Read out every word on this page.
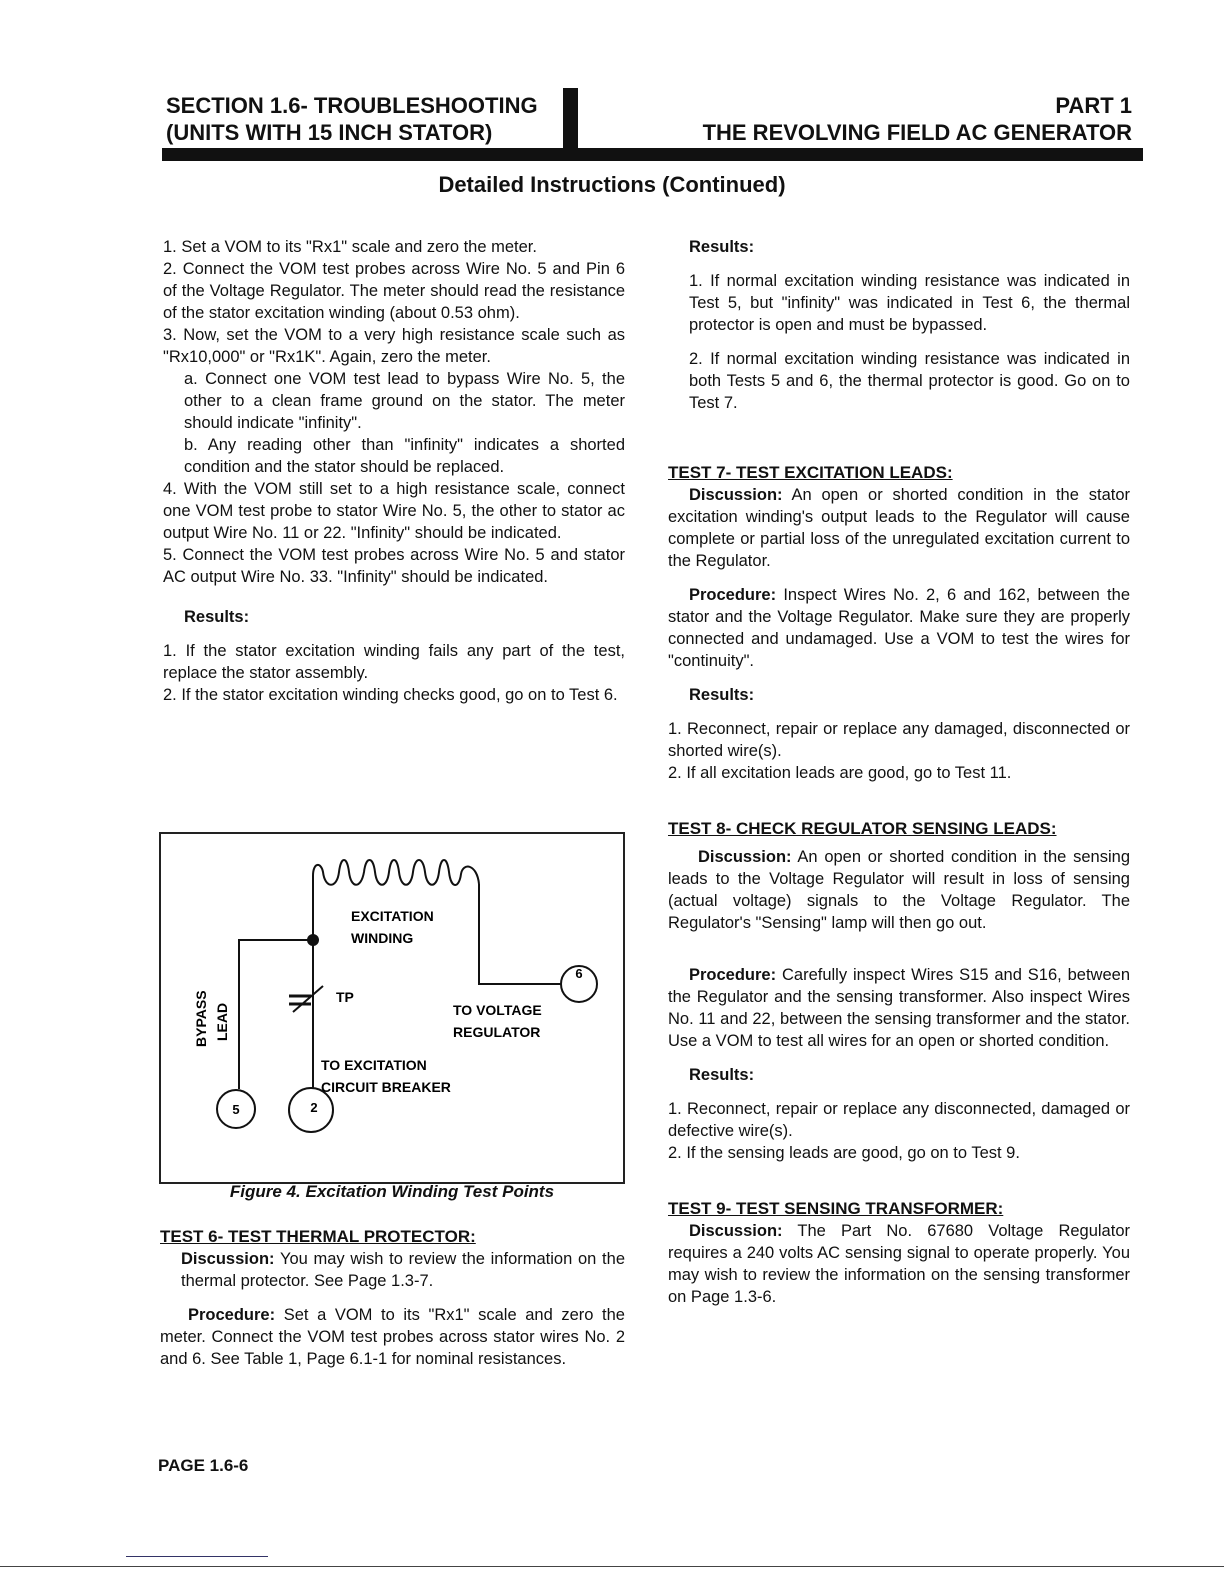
SECTION 1.6- TROUBLESHOOTING
(UNITS WITH 15 INCH STATOR)
PART 1
THE REVOLVING FIELD AC GENERATOR
Detailed Instructions (Continued)

1. Set a VOM to its "Rx1" scale and zero the meter.

2. Connect the VOM test probes across Wire No. 5 and Pin 6 of the Voltage Regulator. The meter should read the resistance of the stator excitation winding (about 0.53 ohm).

3. Now, set the VOM to a very high resistance scale such as "Rx10,000" or "Rx1K". Again, zero the meter.

a. Connect one VOM test lead to bypass Wire No. 5, the other to a clean frame ground on the stator. The meter should indicate "infinity".

b. Any reading other than "infinity" indicates a shorted condition and the stator should be replaced.

4. With the VOM still set to a high resistance scale, connect one VOM test probe to stator Wire No. 5, the other to stator ac output Wire No. 11 or 22. "Infinity" should be indicated.

5. Connect the VOM test probes across Wire No. 5 and stator AC output Wire No. 33. "Infinity" should be indicated.

Results:

1. If the stator excitation winding fails any part of the test, replace the stator assembly.

2. If the stator excitation winding checks good, go on to Test 6.

6
5	2
EXCITATION
WINDING
TP
TO VOLTAGE
REGULATOR
TO EXCITATION
CIRCUIT BREAKER
BYPASS LEAD
Figure 4. Excitation Winding Test Points

TEST 6- TEST THERMAL PROTECTOR:

Discussion: You may wish to review the information on the thermal protector. See Page 1.3-7.

Procedure: Set a VOM to its "Rx1" scale and zero the meter. Connect the VOM test probes across stator wires No. 2 and 6. See Table 1, Page 6.1-1 for nominal resistances.

Results:

1. If normal excitation winding resistance was indicated in Test 5, but "infinity" was indicated in Test 6, the thermal protector is open and must be bypassed.

2. If normal excitation winding resistance was indicated in both Tests 5 and 6, the thermal protector is good. Go on to Test 7.

TEST 7- TEST EXCITATION LEADS:

Discussion: An open or shorted condition in the stator excitation winding's output leads to the Regulator will cause complete or partial loss of the unregulated excitation current to the Regulator.

Procedure: Inspect Wires No. 2, 6 and 162, between the stator and the Voltage Regulator. Make sure they are properly connected and undamaged. Use a VOM to test the wires for "continuity".

Results:

1. Reconnect, repair or replace any damaged, disconnected or shorted wire(s).

2. If all excitation leads are good, go to Test 11.

TEST 8- CHECK REGULATOR SENSING LEADS:

Discussion: An open or shorted condition in the sensing leads to the Voltage Regulator will result in loss of sensing (actual voltage) signals to the Voltage Regulator. The Regulator's "Sensing" lamp will then go out.

Procedure: Carefully inspect Wires S15 and S16, between the Regulator and the sensing transformer. Also inspect Wires No. 11 and 22, between the sensing transformer and the stator. Use a VOM to test all wires for an open or shorted condition.

Results:

1. Reconnect, repair or replace any disconnected, damaged or defective wire(s).

2. If the sensing leads are good, go on to Test 9.

TEST 9- TEST SENSING TRANSFORMER:

Discussion: The Part No. 67680 Voltage Regulator requires a 240 volts AC sensing signal to operate properly. You may wish to review the information on the sensing transformer on Page 1.3-6.

PAGE 1.6-6
